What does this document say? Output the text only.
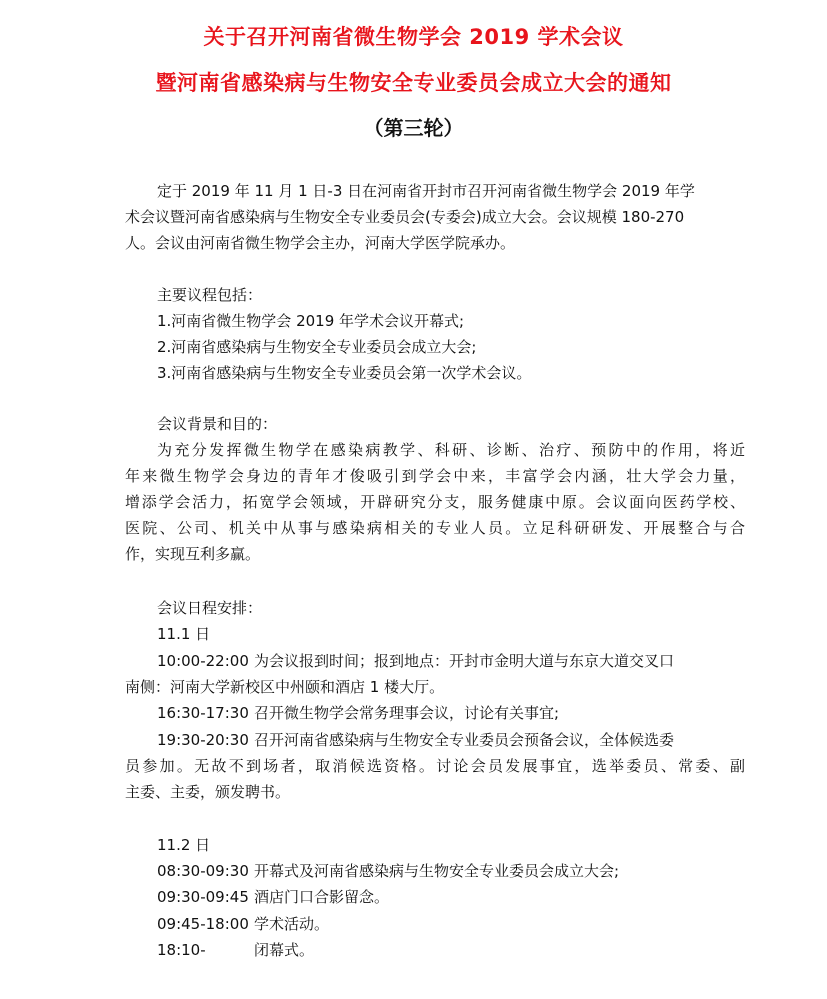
关于召开河南省微生物学会 2019 学术会议
暨河南省感染病与生物安全专业委员会成立大会的通知
（第三轮）
定于 2019 年 11 月 1 日-3 日在河南省开封市召开河南省微生物学会 2019 年学
术会议暨河南省感染病与生物安全专业委员会(专委会)成立大会。会议规模 180-270
人。会议由河南省微生物学会主办，河南大学医学院承办。
主要议程包括：
1.河南省微生物学会 2019 年学术会议开幕式;
2.河南省感染病与生物安全专业委员会成立大会;
3.河南省感染病与生物安全专业委员会第一次学术会议。
会议背景和目的：
为充分发挥微生物学在感染病教学、科研、诊断、治疗、预防中的作用，将近
年来微生物学会身边的青年才俊吸引到学会中来，丰富学会内涵，壮大学会力量，
增添学会活力，拓宽学会领域，开辟研究分支，服务健康中原。会议面向医药学校、
医院、公司、机关中从事与感染病相关的专业人员。立足科研研发、开展整合与合
作，实现互利多赢。
会议日程安排：
11.1 日
10:00-22:00 为会议报到时间；报到地点：开封市金明大道与东京大道交叉口
南侧：河南大学新校区中州颐和酒店 1 楼大厅。
16:30-17:30 召开微生物学会常务理事会议，讨论有关事宜;
19:30-20:30 召开河南省感染病与生物安全专业委员会预备会议，全体候选委
员参加。无故不到场者，取消候选资格。讨论会员发展事宜，选举委员、常委、副
主委、主委，颁发聘书。
11.2 日
08:30-09:30 开幕式及河南省感染病与生物安全专业委员会成立大会;
09:30-09:45 酒店门口合影留念。
09:45-18:00 学术活动。
18:10-	闭幕式。
